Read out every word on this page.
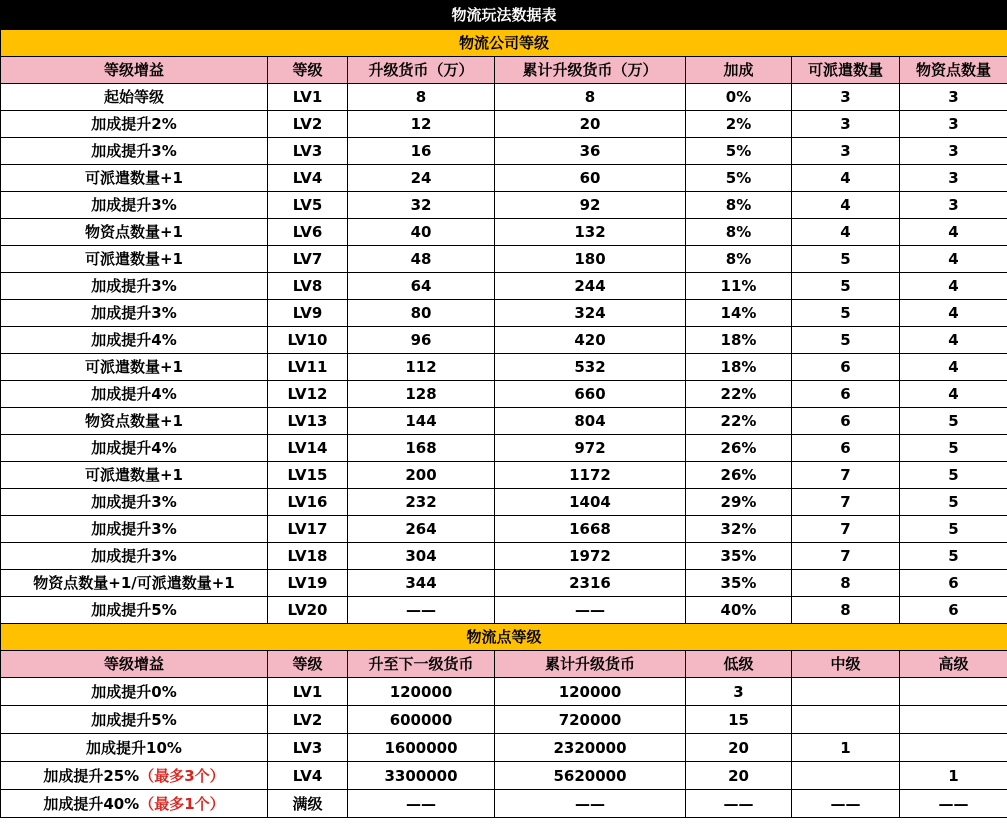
物流玩法数据表						
物流公司等级						
等级增益	等级	升级货币（万）	累计升级货币（万）	加成	可派遣数量	物资点数量
起始等级	LV1	8	8	0%	3	3
加成提升2%	LV2	12	20	2%	3	3
加成提升3%	LV3	16	36	5%	3	3
可派遣数量+1	LV4	24	60	5%	4	3
加成提升3%	LV5	32	92	8%	4	3
物资点数量+1	LV6	40	132	8%	4	4
可派遣数量+1	LV7	48	180	8%	5	4
加成提升3%	LV8	64	244	11%	5	4
加成提升3%	LV9	80	324	14%	5	4
加成提升4%	LV10	96	420	18%	5	4
可派遣数量+1	LV11	112	532	18%	6	4
加成提升4%	LV12	128	660	22%	6	4
物资点数量+1	LV13	144	804	22%	6	5
加成提升4%	LV14	168	972	26%	6	5
可派遣数量+1	LV15	200	1172	26%	7	5
加成提升3%	LV16	232	1404	29%	7	5
加成提升3%	LV17	264	1668	32%	7	5
加成提升3%	LV18	304	1972	35%	7	5
物资点数量+1/可派遣数量+1	LV19	344	2316	35%	8	6
加成提升5%	LV20	——	——	40%	8	6
物流点等级						
等级增益	等级	升至下一级货币	累计升级货币	低级	中级	高级
加成提升0%	LV1	120000	120000	3		
加成提升5%	LV2	600000	720000	15		
加成提升10%	LV3	1600000	2320000	20	1	
加成提升25%（最多3个）	LV4	3300000	5620000	20		1
加成提升40%（最多1个）	满级	——	——	——	——	——
